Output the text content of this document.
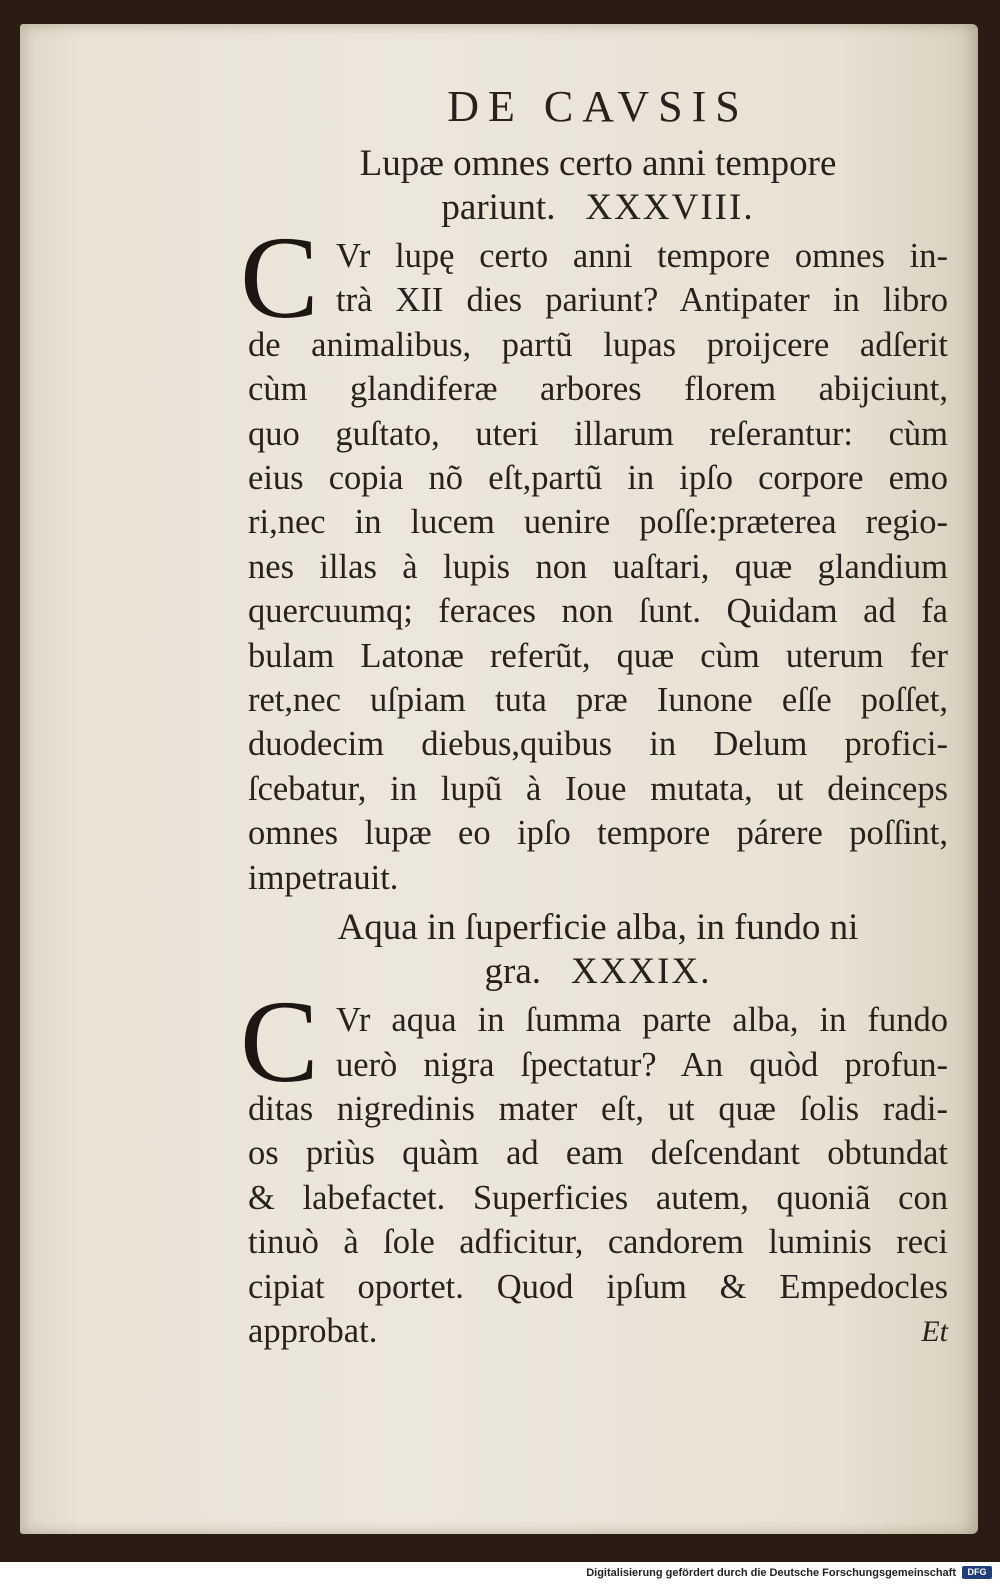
DE CAVSIS
Lupæ omnes certo anni tempore
pariunt. XXXVIII.
C Vr lupę certo anni tempore omnes in-
trà XII dies pariunt? Antipater in libro
de animalibus, partũ lupas proijcere adſerit
cùm glandiferæ arbores florem abijciunt,
quo guſtato, uteri illarum reſerantur: cùm
eius copia nõ eſt,partũ in ipſo corpore emo
ri,nec in lucem uenire poſſe:præterea regio-
nes illas à lupis non uaſtari, quæ glandium
quercuumq; feraces non ſunt. Quidam ad fa
bulam Latonæ referũt, quæ cùm uterum fer
ret,nec uſpiam tuta præ Iunone eſſe poſſet,
duodecim diebus,quibus in Delum profici-
ſcebatur, in lupũ à Ioue mutata, ut deinceps
omnes lupæ eo ipſo tempore párere poſſint,
impetrauit.
Aqua in ſuperficie alba, in fundo ni
gra. XXXIX.
C Vr aqua in ſumma parte alba, in fundo
uerò nigra ſpectatur? An quòd profun-
ditas nigredinis mater eſt, ut quæ ſolis radi-
os priùs quàm ad eam deſcendant obtundat
& labefactet. Superficies autem, quoniã con
tinuò à ſole adficitur, candorem luminis reci
cipiat oportet. Quod ipſum & Empedocles
approbat.	Et
Digitalisierung gefördert durch die Deutsche Forschungsgemeinschaft	DFG
